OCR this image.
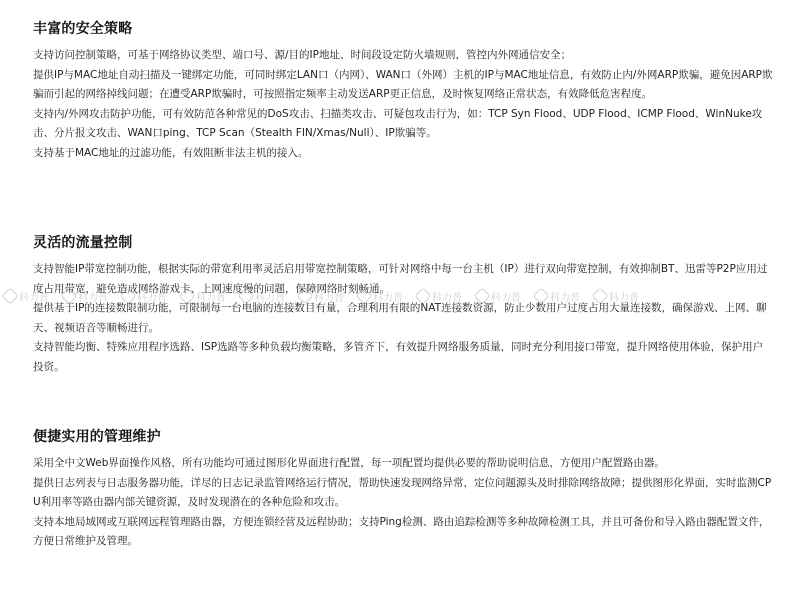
丰富的安全策略

支持访问控制策略，可基于网络协议类型、端口号、源/目的IP地址、时间段设定防火墙规则，管控内外网通信安全；

提供IP与MAC地址自动扫描及一键绑定功能，可同时绑定LAN口（内网）、WAN口（外网）主机的IP与MAC地址信息，有效防止内/外网ARP欺骗，避免因ARP欺骗而引起的网络掉线问题；在遭受ARP欺骗时，可按照指定频率主动发送ARP更正信息，及时恢复网络正常状态，有效降低危害程度。

支持内/外网攻击防护功能，可有效防范各种常见的DoS攻击、扫描类攻击、可疑包攻击行为，如：TCP Syn Flood、UDP Flood、ICMP Flood、WinNuke攻击、分片报文攻击、WAN口ping、TCP Scan（Stealth FIN/Xmas/Null）、IP欺骗等。

支持基于MAC地址的过滤功能，有效阻断非法主机的接入。

灵活的流量控制

支持智能IP带宽控制功能，根据实际的带宽利用率灵活启用带宽控制策略，可针对网络中每一台主机（IP）进行双向带宽控制，有效抑制BT、迅雷等P2P应用过度占用带宽，避免造成网络游戏卡、上网速度慢的问题，保障网络时刻畅通。

提供基于IP的连接数限制功能，可限制每一台电脑的连接数目有量，合理利用有限的NAT连接数资源，防止少数用户过度占用大量连接数，确保游戏、上网、聊天、视频语音等顺畅进行。

支持智能均衡、特殊应用程序选路、ISP选路等多种负载均衡策略，多管齐下，有效提升网络服务质量，同时充分利用接口带宽，提升网络使用体验，保护用户投资。

便捷实用的管理维护

采用全中文Web界面操作风格，所有功能均可通过图形化界面进行配置，每一项配置均提供必要的帮助说明信息，方便用户配置路由器。

提供日志列表与日志服务器功能，详尽的日志记录监管网络运行情况，帮助快速发现网络异常，定位问题源头及时排除网络故障；提供图形化界面，实时监测CPU利用率等路由器内部关键资源，及时发现潜在的各种危险和攻击。

支持本地局域网或互联网远程管理路由器，方便连锁经营及远程协助；支持Ping检测、路由追踪检测等多种故障检测工具，并且可备份和导入路由器配置文件，方便日常维护及管理。

科力普	科力普	科力普	科力普	科力普	科力普	科力普	科力普	科力普	科力普	科力普
